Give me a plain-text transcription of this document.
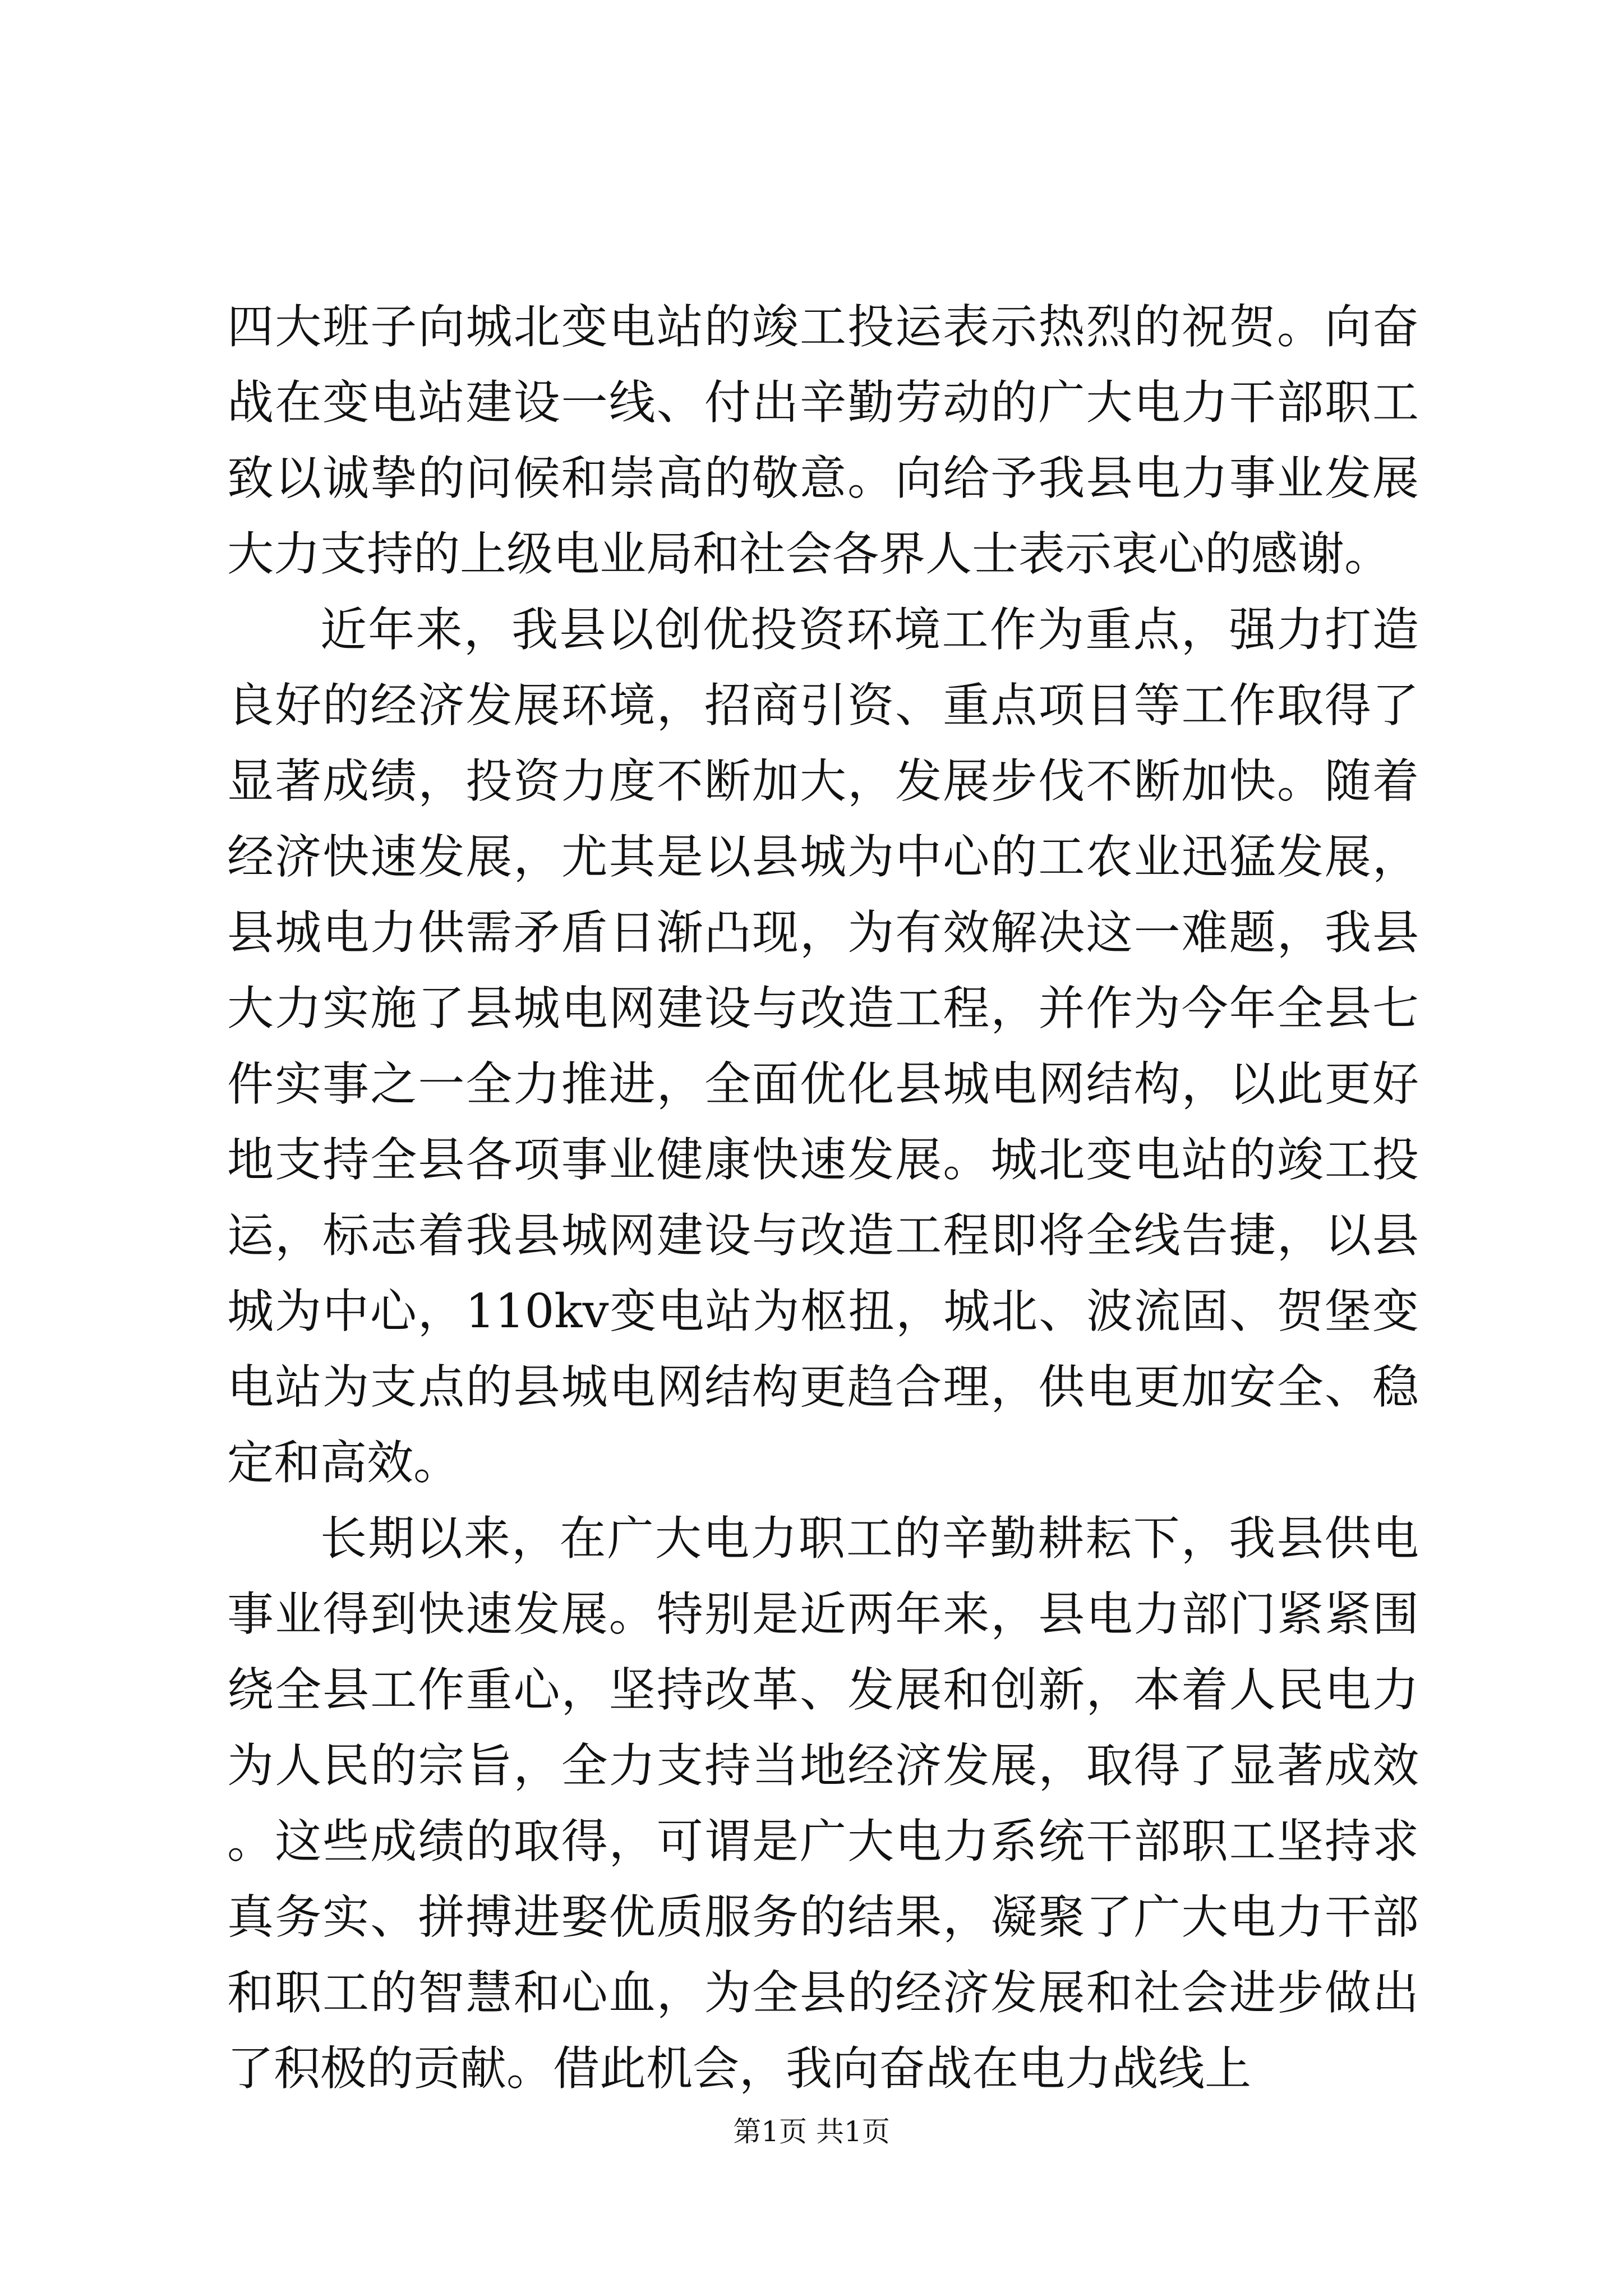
四大班子向城北变电站的竣工投运表示热烈的祝贺。向奋战在变电站建设一线、付出辛勤劳动的广大电力干部职工致以诚挚的问候和崇高的敬意。向给予我县电力事业发展大力支持的上级电业局和社会各界人士表示衷心的感谢。

近年来，我县以创优投资环境工作为重点，强力打造良好的经济发展环境，招商引资、重点项目等工作取得了显著成绩，投资力度不断加大，发展步伐不断加快。随着经济快速发展，尤其是以县城为中心的工农业迅猛发展，县城电力供需矛盾日渐凸现，为有效解决这一难题，我县大力实施了县城电网建设与改造工程，并作为今年全县七件实事之一全力推进，全面优化县城电网结构，以此更好地支持全县各项事业健康快速发展。城北变电站的竣工投运，标志着我县城网建设与改造工程即将全线告捷，以县城为中心，110kv变电站为枢扭，城北、波流固、贺堡变电站为支点的县城电网结构更趋合理，供电更加安全、稳定和高效。

长期以来，在广大电力职工的辛勤耕耘下，我县供电事业得到快速发展。特别是近两年来，县电力部门紧紧围绕全县工作重心，坚持改革、发展和创新，本着人民电力为人民的宗旨，全力支持当地经济发展，取得了显著成效。这些成绩的取得，可谓是广大电力系统干部职工坚持求真务实、拼搏进娶优质服务的结果，凝聚了广大电力干部和职工的智慧和心血，为全县的经济发展和社会进步做出了积极的贡献。借此机会，我向奋战在电力战线上

第1页 共1页
